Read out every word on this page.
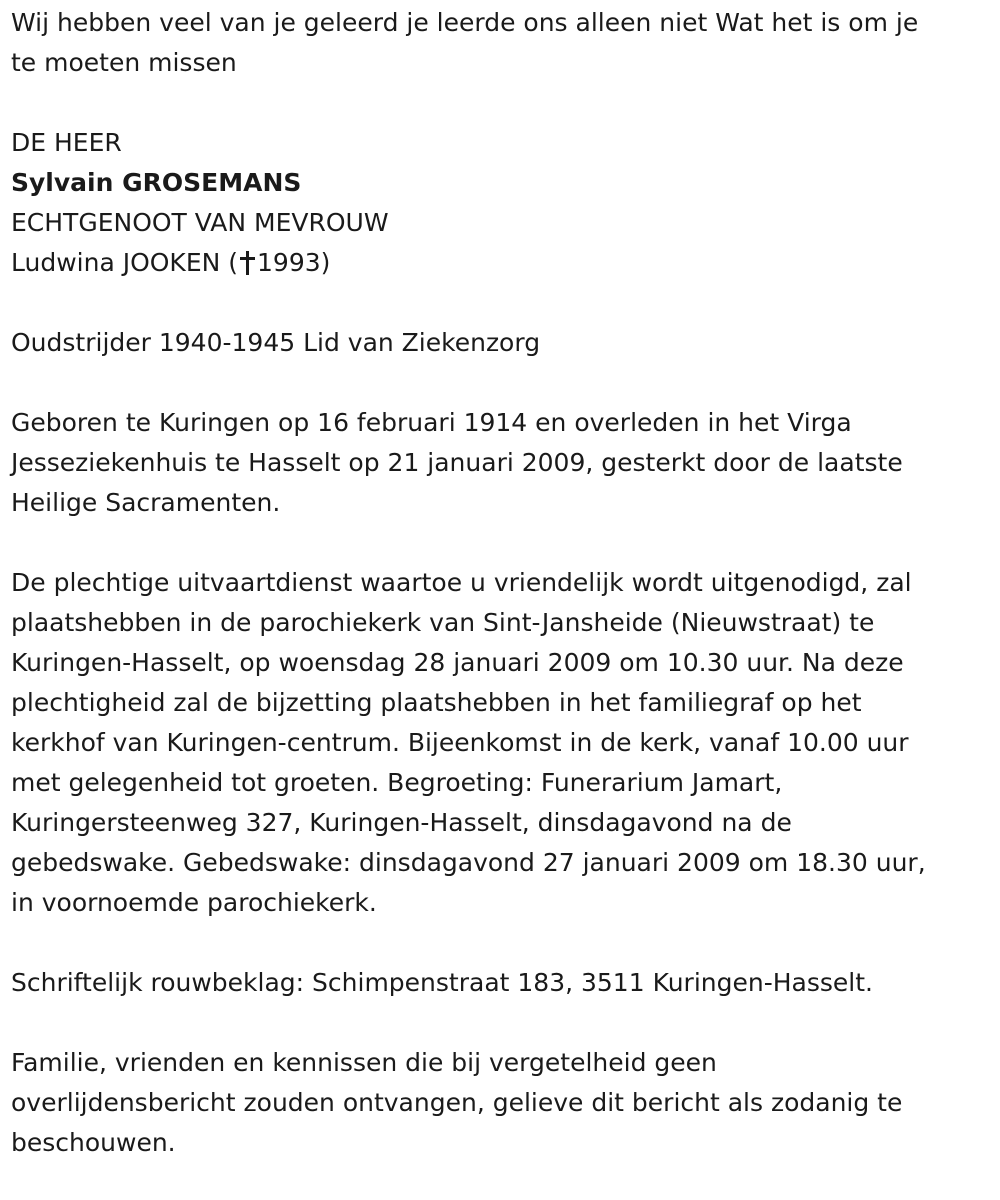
Wij hebben veel van je geleerd je leerde ons alleen niet Wat het is om je
te moeten missen
DE HEER
Sylvain GROSEMANS
ECHTGENOOT VAN MEVROUW
Ludwina JOOKEN ( 1993)
Oudstrijder 1940-1945 Lid van Ziekenzorg
Geboren te Kuringen op 16 februari 1914 en overleden in het Virga
Jesseziekenhuis te Hasselt op 21 januari 2009, gesterkt door de laatste
Heilige Sacramenten.
De plechtige uitvaartdienst waartoe u vriendelijk wordt uitgenodigd, zal
plaatshebben in de parochiekerk van Sint-Jansheide (Nieuwstraat) te
Kuringen-Hasselt, op woensdag 28 januari 2009 om 10.30 uur. Na deze
plechtigheid zal de bijzetting plaatshebben in het familiegraf op het
kerkhof van Kuringen-centrum. Bijeenkomst in de kerk, vanaf 10.00 uur
met gelegenheid tot groeten. Begroeting: Funerarium Jamart,
Kuringersteenweg 327, Kuringen-Hasselt, dinsdagavond na de
gebedswake. Gebedswake: dinsdagavond 27 januari 2009 om 18.30 uur,
in voornoemde parochiekerk.
Schriftelijk rouwbeklag: Schimpenstraat 183, 3511 Kuringen-Hasselt.
Familie, vrienden en kennissen die bij vergetelheid geen
overlijdensbericht zouden ontvangen, gelieve dit bericht als zodanig te
beschouwen.
